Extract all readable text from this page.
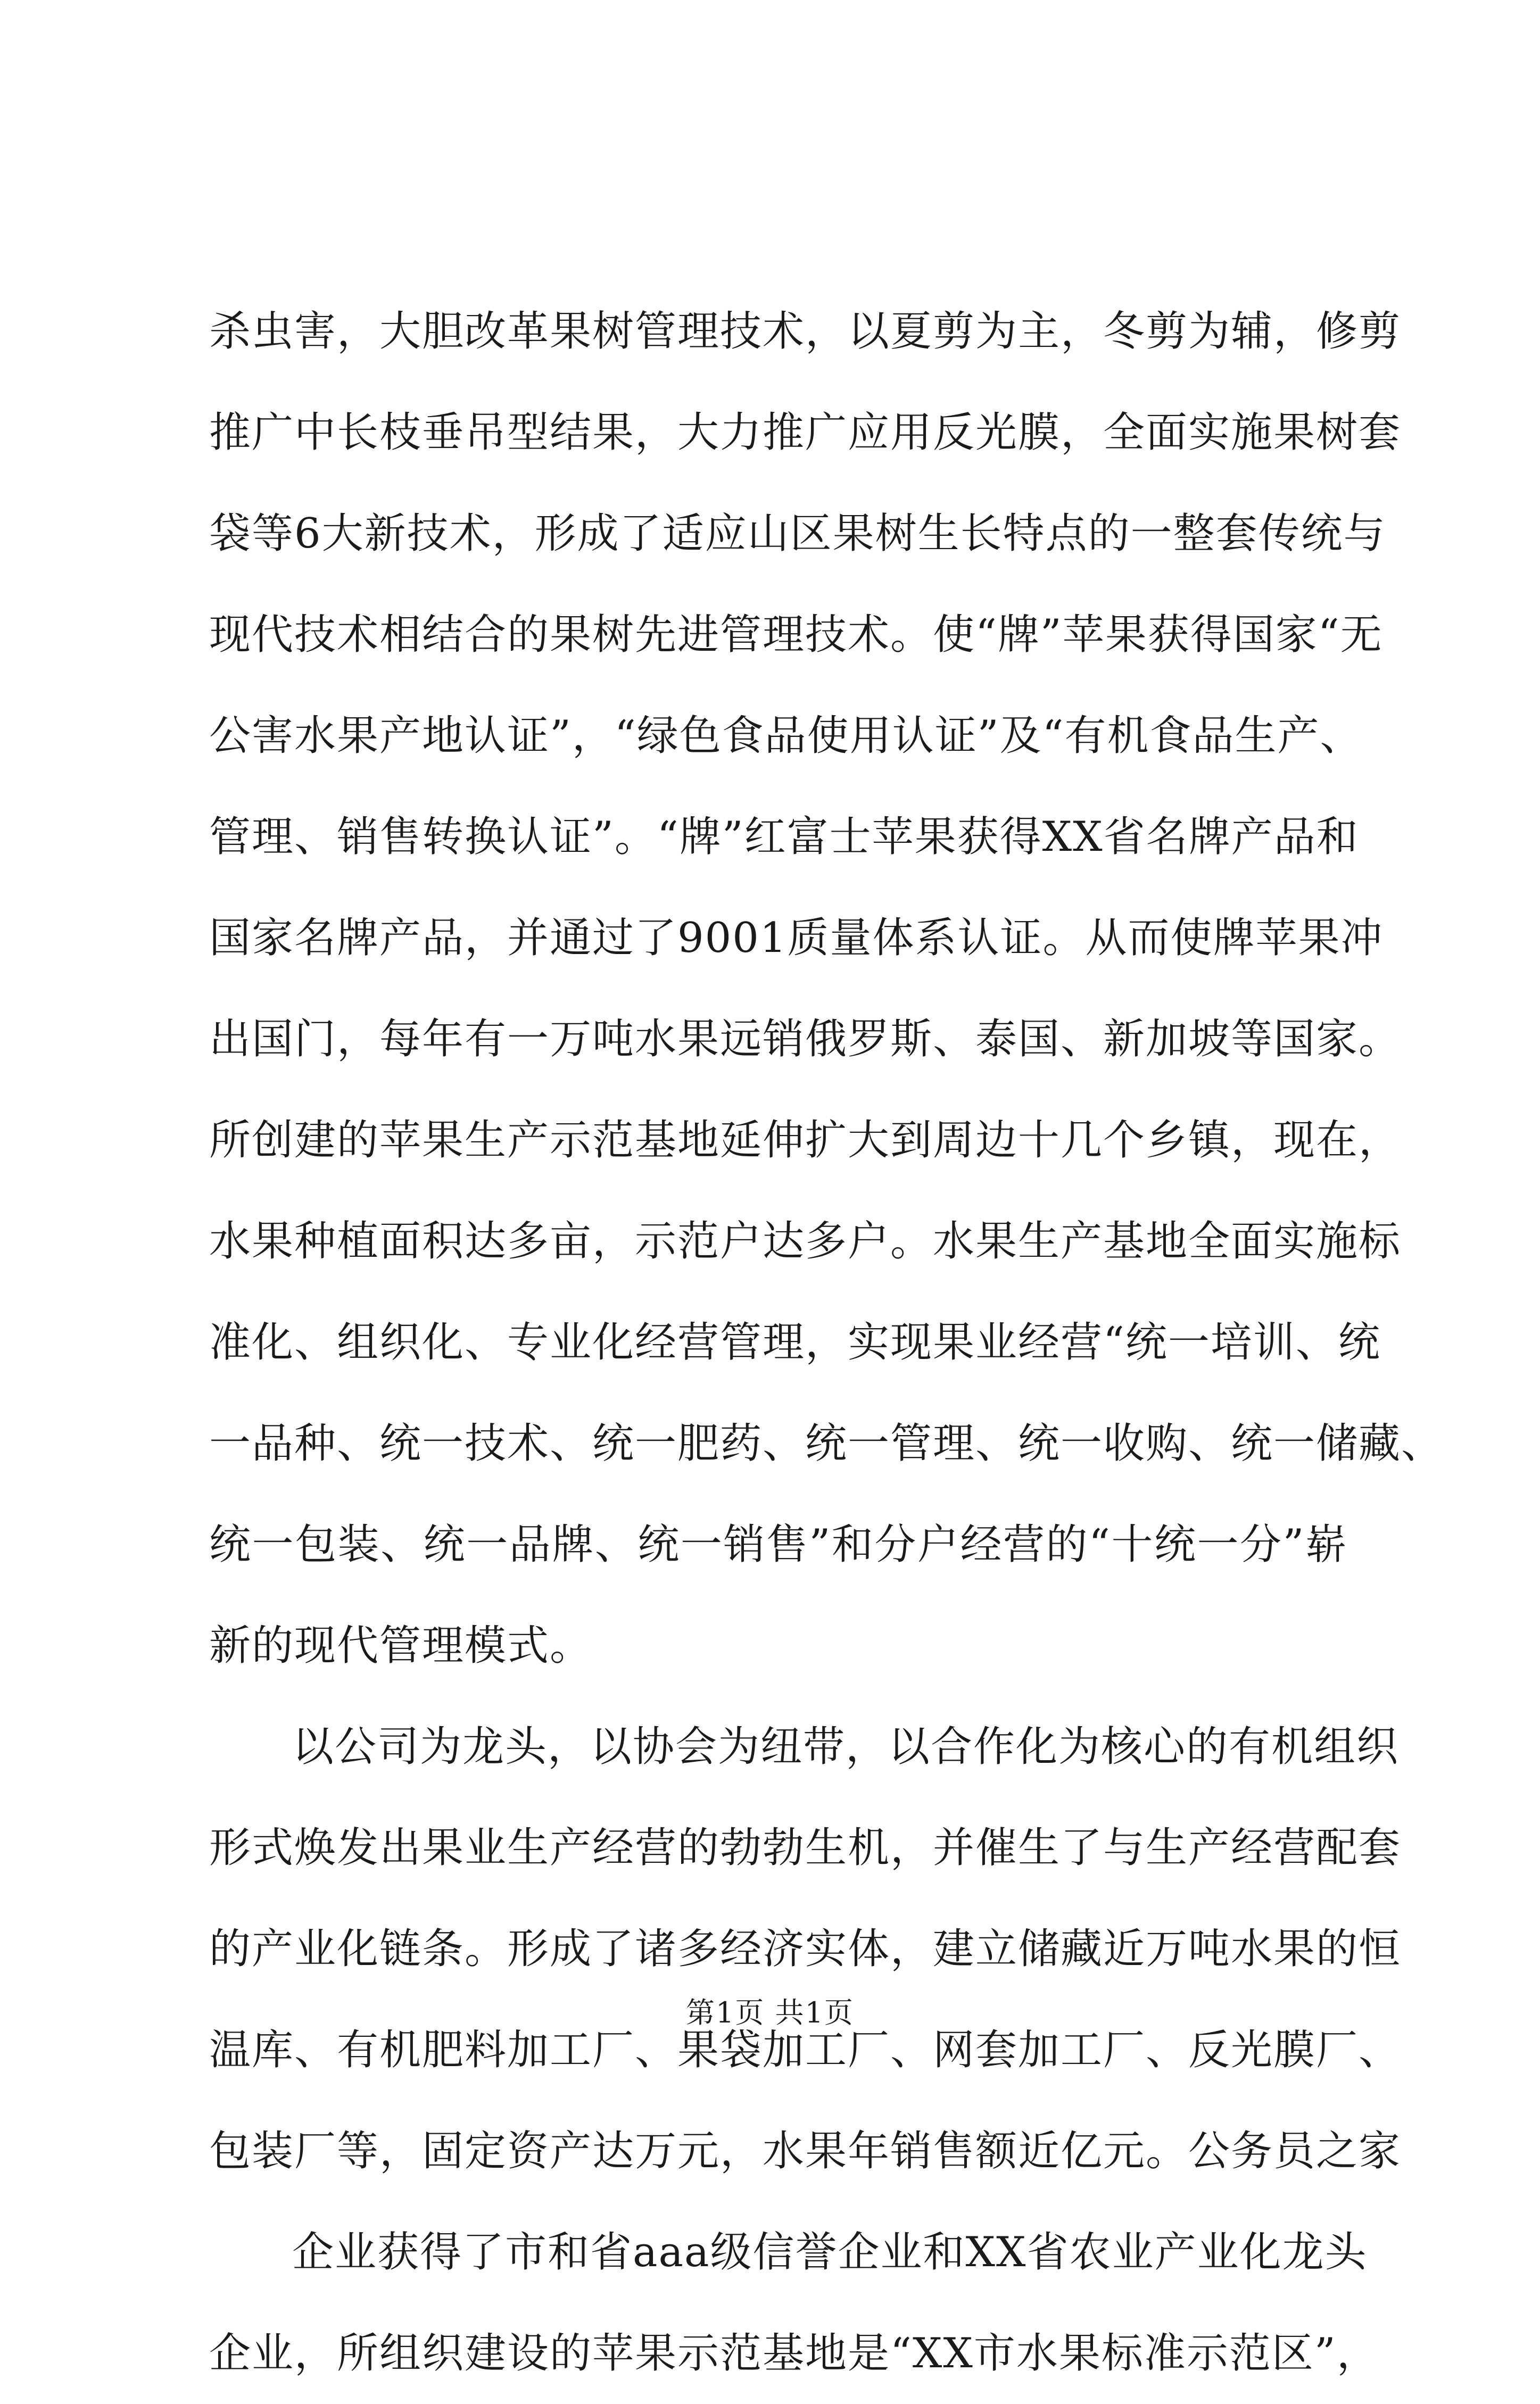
杀虫害，大胆改革果树管理技术，以夏剪为主，冬剪为辅，修剪
推广中长枝垂吊型结果，大力推广应用反光膜，全面实施果树套
袋等6大新技术，形成了适应山区果树生长特点的一整套传统与
现代技术相结合的果树先进管理技术。使“牌”苹果获得国家“无
公害水果产地认证”，“绿色食品使用认证”及“有机食品生产、
管理、销售转换认证”。“牌”红富士苹果获得XX省名牌产品和
国家名牌产品，并通过了9001质量体系认证。从而使牌苹果冲
出国门，每年有一万吨水果远销俄罗斯、泰国、新加坡等国家。
所创建的苹果生产示范基地延伸扩大到周边十几个乡镇，现在，
水果种植面积达多亩，示范户达多户。水果生产基地全面实施标
准化、组织化、专业化经营管理，实现果业经营“统一培训、统
一品种、统一技术、统一肥药、统一管理、统一收购、统一储藏、
统一包装、统一品牌、统一销售”和分户经营的“十统一分”崭
新的现代管理模式。
以公司为龙头，以协会为纽带，以合作化为核心的有机组织
形式焕发出果业生产经营的勃勃生机，并催生了与生产经营配套
的产业化链条。形成了诸多经济实体，建立储藏近万吨水果的恒
温库、有机肥料加工厂、果袋加工厂、网套加工厂、反光膜厂、
包装厂等，固定资产达万元，水果年销售额近亿元。公务员之家
企业获得了市和省aaa级信誉企业和XX省农业产业化龙头
企业，所组织建设的苹果示范基地是“XX市水果标准示范区”，
第1页 共1页
